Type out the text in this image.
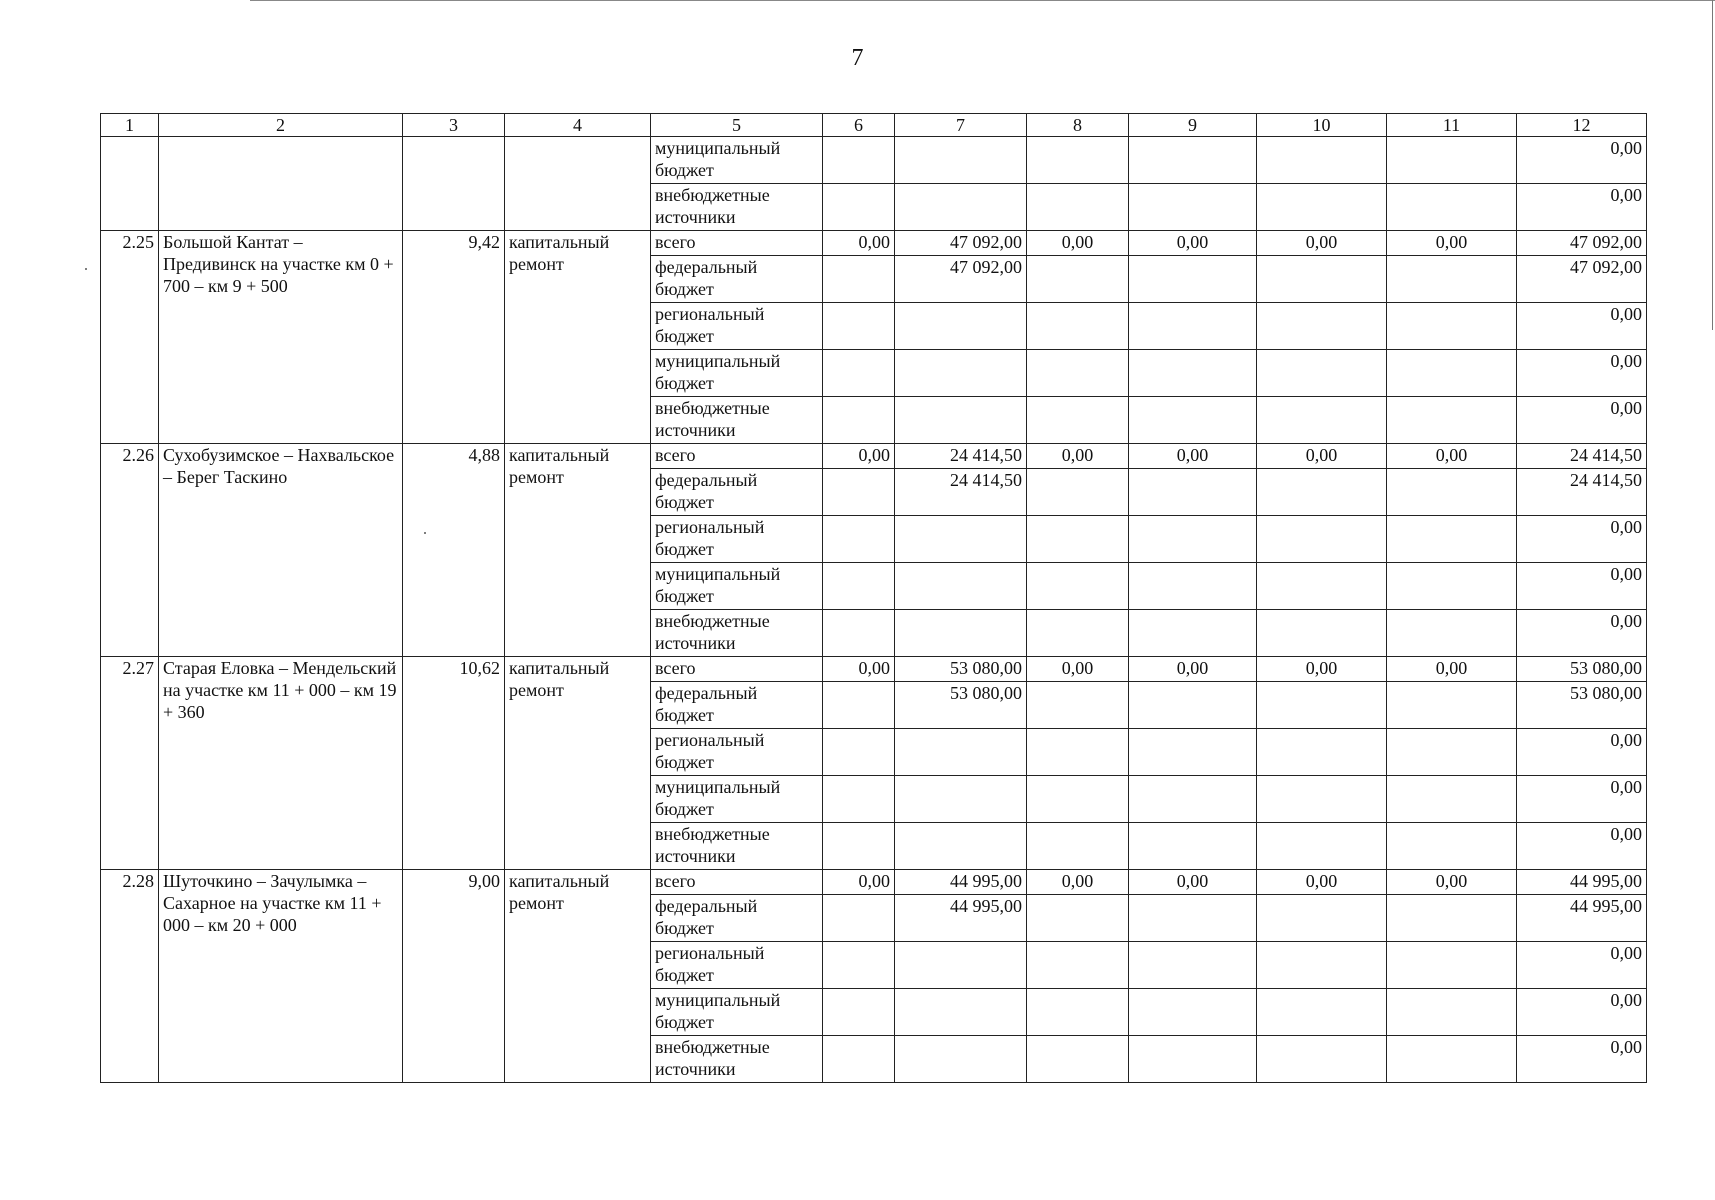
7
1	2	3	4	5	6	7	8	9	10	11	12
				муниципальный бюджет							0,00
				внебюджетные источники							0,00
2.25	Большой Кантат – Предивинск на участке км 0 + 700 – км 9 + 500	9,42	капитальный ремонт	всего	0,00	47 092,00	0,00	0,00	0,00	0,00	47 092,00
				федеральный бюджет		47 092,00					47 092,00
				региональный бюджет							0,00
				муниципальный бюджет							0,00
				внебюджетные источники							0,00
2.26	Сухобузимское – Нахвальское – Берег Таскино	4,88	капитальный ремонт	всего	0,00	24 414,50	0,00	0,00	0,00	0,00	24 414,50
				федеральный бюджет		24 414,50					24 414,50
				региональный бюджет							0,00
				муниципальный бюджет							0,00
				внебюджетные источники							0,00
2.27	Старая Еловка – Мендельский на участке км 11 + 000 – км 19 + 360	10,62	капитальный ремонт	всего	0,00	53 080,00	0,00	0,00	0,00	0,00	53 080,00
				федеральный бюджет		53 080,00					53 080,00
				региональный бюджет							0,00
				муниципальный бюджет							0,00
				внебюджетные источники							0,00
2.28	Шуточкино – Зачулымка – Сахарное на участке км 11 + 000 – км 20 + 000	9,00	капитальный ремонт	всего	0,00	44 995,00	0,00	0,00	0,00	0,00	44 995,00
				федеральный бюджет		44 995,00					44 995,00
				региональный бюджет							0,00
				муниципальный бюджет							0,00
				внебюджетные источники							0,00
